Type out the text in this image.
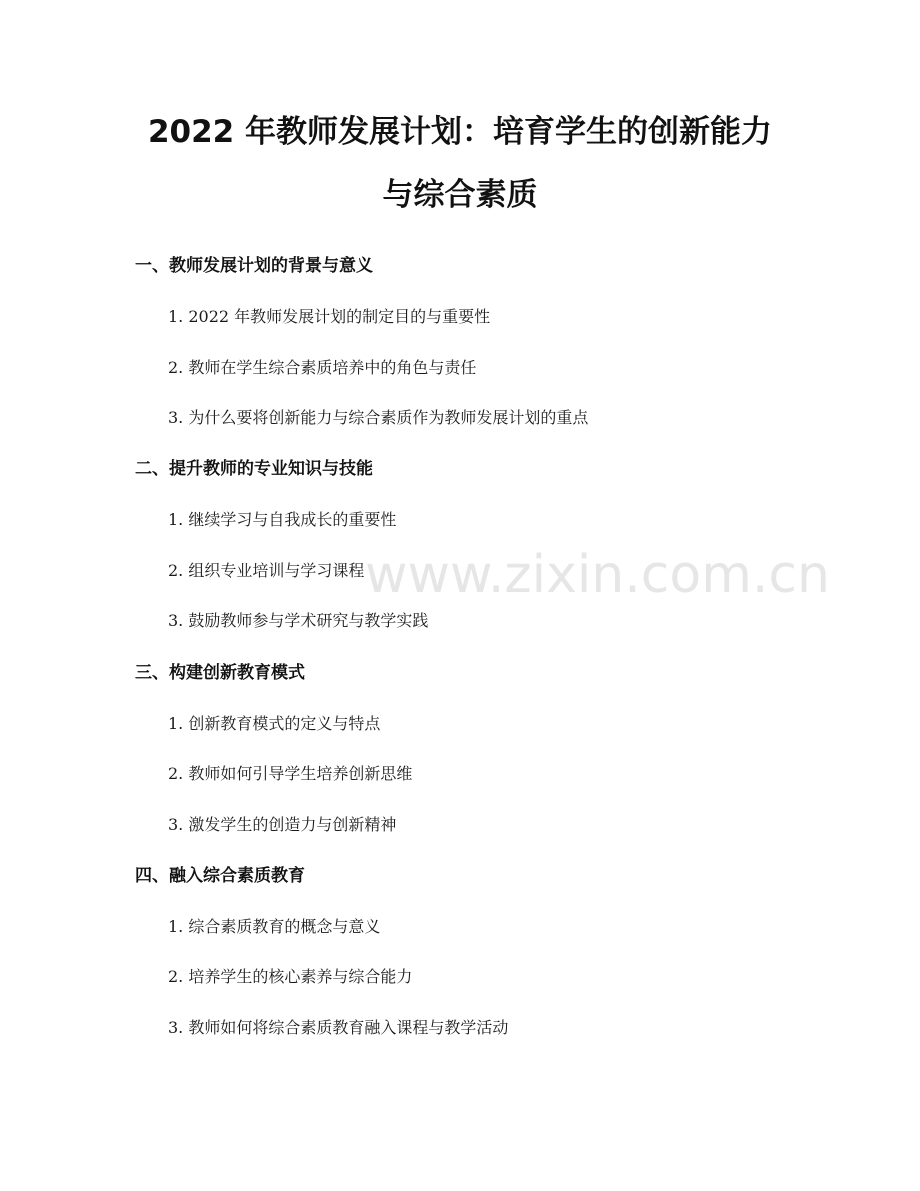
2022 年教师发展计划：培育学生的创新能力
与综合素质
www.zixin.com.cn
一、教师发展计划的背景与意义

1. 2022 年教师发展计划的制定目的与重要性

2. 教师在学生综合素质培养中的角色与责任

3. 为什么要将创新能力与综合素质作为教师发展计划的重点

二、提升教师的专业知识与技能

1. 继续学习与自我成长的重要性

2. 组织专业培训与学习课程

3. 鼓励教师参与学术研究与教学实践

三、构建创新教育模式

1. 创新教育模式的定义与特点

2. 教师如何引导学生培养创新思维

3. 激发学生的创造力与创新精神

四、融入综合素质教育

1. 综合素质教育的概念与意义

2. 培养学生的核心素养与综合能力

3. 教师如何将综合素质教育融入课程与教学活动
